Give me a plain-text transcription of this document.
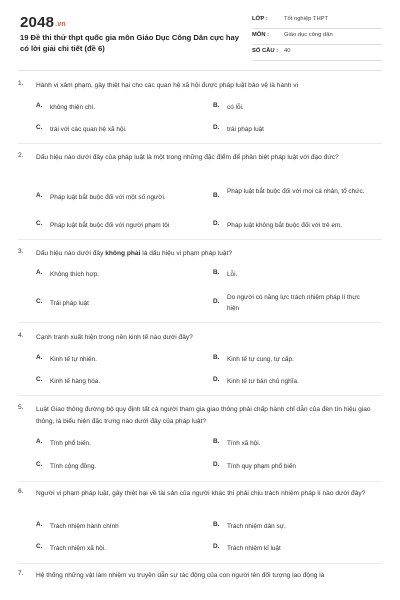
2048.vn
19 Đề thi thử thpt quốc gia môn Giáo Dục Công Dân cực hay có lời giải chi tiết (đề 6)
LỚP :	Tốt nghiệp THPT
MÔN :	Giáo dục công dân
SỐ CÂU : 40
1. Hành vi xâm phạm, gây thiệt hại cho các quan hệ xã hội được pháp luật bảo vệ là hành vi
A. không thiện chí.	B. có lỗi.
C. trái với các quan hệ xã hội.	D. trái pháp luật
2. Dấu hiệu nào dưới đây của pháp luật là một trong những đặc điểm để phân biệt pháp luật với đạo đức?
A. Pháp luật bắt buộc đối với một số người.	B.
Pháp luật bắt buộc đối với mọi cá nhân, tổ chức.
C. Pháp luật bắt buộc đối với người phạm tội	D. Pháp luật không bắt buộc đối với trẻ em.
3. Dấu hiệu nào dưới đây không phải là dấu hiệu vi phạm pháp luật?
A. Không thích hợp.	B. Lỗi.
C. Trái pháp luật	D.
Do người có năng lực trách nhiệm pháp lí thực hiện
4. Cạnh tranh xuất hiện trong nền kinh tế nào dưới đây?
A. Kinh tế tự nhiên.	B. Kinh tế tự cung, tự cấp.
C. Kinh tế hàng hóa.	D. Kinh tế tư bản chủ nghĩa.
5. Luật Giao thông đường bộ quy định tất cả người tham gia giao thông phải chấp hành chỉ dẫn của đèn tín hiệu giao thông, là biểu hiện đặc trưng nào dưới đây của pháp luật?
A. Tính phổ biến.	B. Tính xã hội.
C. Tính cộng đồng.	D. Tính quy phạm phổ biến
6. Người vi phạm pháp luật, gây thiệt hại về tài sản của người khác thì phải chịu trách nhiệm pháp lí nào dưới đây?
A. Trách nhiệm hành chính	B. Trách nhiệm dân sự.
C. Trách nhiệm xã hội.	D. Trách nhiệm kỉ luật
7. Hệ thống những vật làm nhiệm vụ truyền dẫn sự tác động của con người lên đối tượng lao động là
